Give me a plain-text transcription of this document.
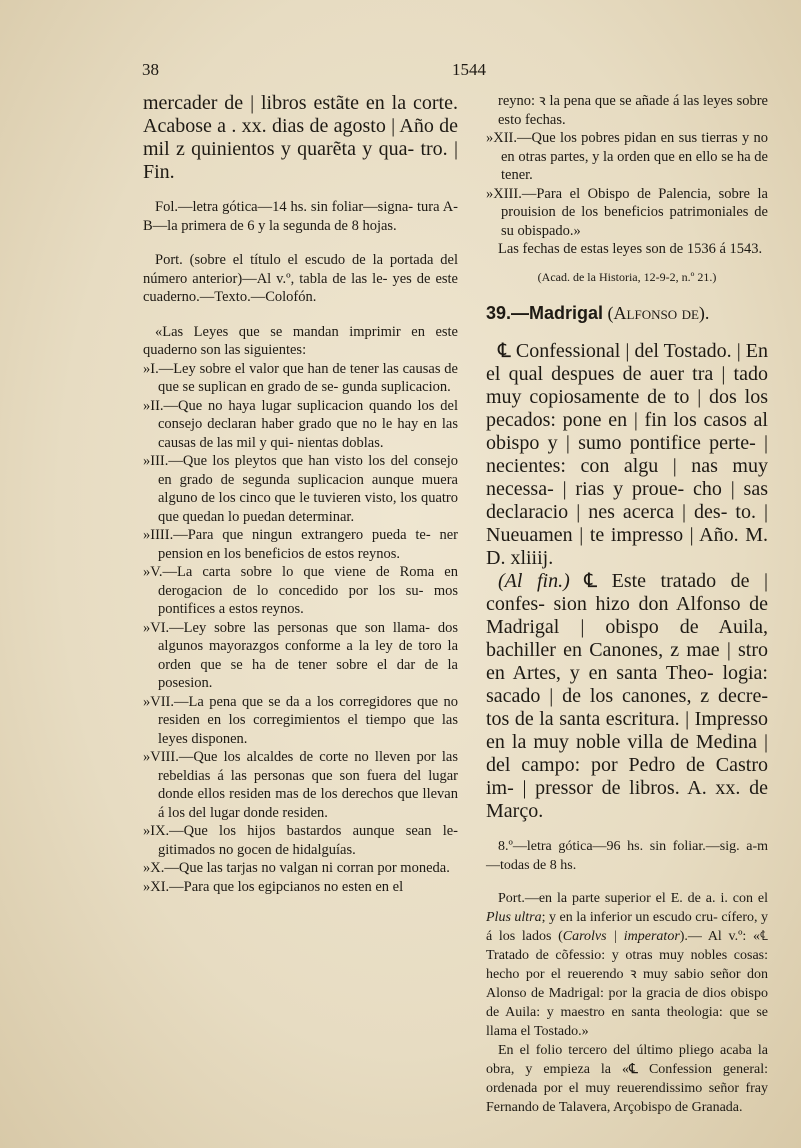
38	1544

mercader de | libros estãte en la corte. Acabose a . xx. dias de agosto | Año de mil z quinientos y quarẽta y qua- tro. | Fin.

Fol.—letra gótica—14 hs. sin foliar—signa- tura A-B—la primera de 6 y la segunda de 8 hojas.

Port. (sobre el título el escudo de la portada del número anterior)—Al v.º, tabla de las le- yes de este cuaderno.—Texto.—Colofón.

«Las Leyes que se mandan imprimir en este quaderno son las siguientes:

»I.—Ley sobre el valor que han de tener las causas de que se suplican en grado de se- gunda suplicacion.

»II.—Que no haya lugar suplicacion quando los del consejo declaran haber grado que no le hay en las causas de las mil y qui- nientas doblas.

»III.—Que los pleytos que han visto los del consejo en grado de segunda suplicacion aunque muera alguno de los cinco que le tuvieren visto, los quatro que quedan lo puedan determinar.

»IIII.—Para que ningun extrangero pueda te- ner pension en los beneficios de estos reynos.

»V.—La carta sobre lo que viene de Roma en derogacion de lo concedido por los su- mos pontifices a estos reynos.

»VI.—Ley sobre las personas que son llama- dos algunos mayorazgos conforme a la ley de toro la orden que se ha de tener sobre el dar de la posesion.

»VII.—La pena que se da a los corregidores que no residen en los corregimientos el tiempo que las leyes disponen.

»VIII.—Que los alcaldes de corte no lleven por las rebeldias á las personas que son fuera del lugar donde ellos residen mas de los derechos que llevan á los del lugar donde residen.

»IX.—Que los hijos bastardos aunque sean le- gitimados no gocen de hidalguías.

»X.—Que las tarjas no valgan ni corran por moneda.

»XI.—Para que los egipcianos no esten en el

reyno: ꝛ la pena que se añade á las leyes sobre esto fechas.

»XII.—Que los pobres pidan en sus tierras y no en otras partes, y la orden que en ello se ha de tener.

»XIII.—Para el Obispo de Palencia, sobre la prouision de los beneficios patrimoniales de su obispado.»

Las fechas de estas leyes son de 1536 á 1543.

(Acad. de la Historia, 12-9-2, n.º 21.)

39.—Madrigal (Alfonso de).

℄ Confessional | del Tostado. | En el qual despues de auer tra | tado muy copiosamente de to | dos los pecados: pone en | fin los casos al obispo y | sumo pontifice perte- | necientes: con algu | nas muy necessa- | rias y proue- cho | sas declaracio | nes acerca | des- to. | Nueuamen | te impresso | Año. M. D. xliiij.

(Al fin.) ℄ Este tratado de | confes- sion hizo don Alfonso de Madrigal | obispo de Auila, bachiller en Canones, z mae | stro en Artes, y en santa Theo- logia: sacado | de los canones, z decre- tos de la santa escritura. | Impresso en la muy noble villa de Medina | del campo: por Pedro de Castro im- | pressor de libros. A. xx. de Março.

8.º—letra gótica—96 hs. sin foliar.—sig. a-m —todas de 8 hs.

Port.—en la parte superior el E. de a. i. con el Plus ultra; y en la inferior un escudo cru- cífero, y á los lados (Carolvs | imperator).— Al v.º: «℄ Tratado de cõfessio: y otras muy nobles cosas: hecho por el reuerendo ꝛ muy sabio señor don Alonso de Madrigal: por la gracia de dios obispo de Auila: y maestro en santa theologia: que se llama el Tostado.»

En el folio tercero del último pliego acaba la obra, y empieza la «℄ Confession general: ordenada por el muy reuerendissimo señor fray Fernando de Talavera, Arçobispo de Granada.
